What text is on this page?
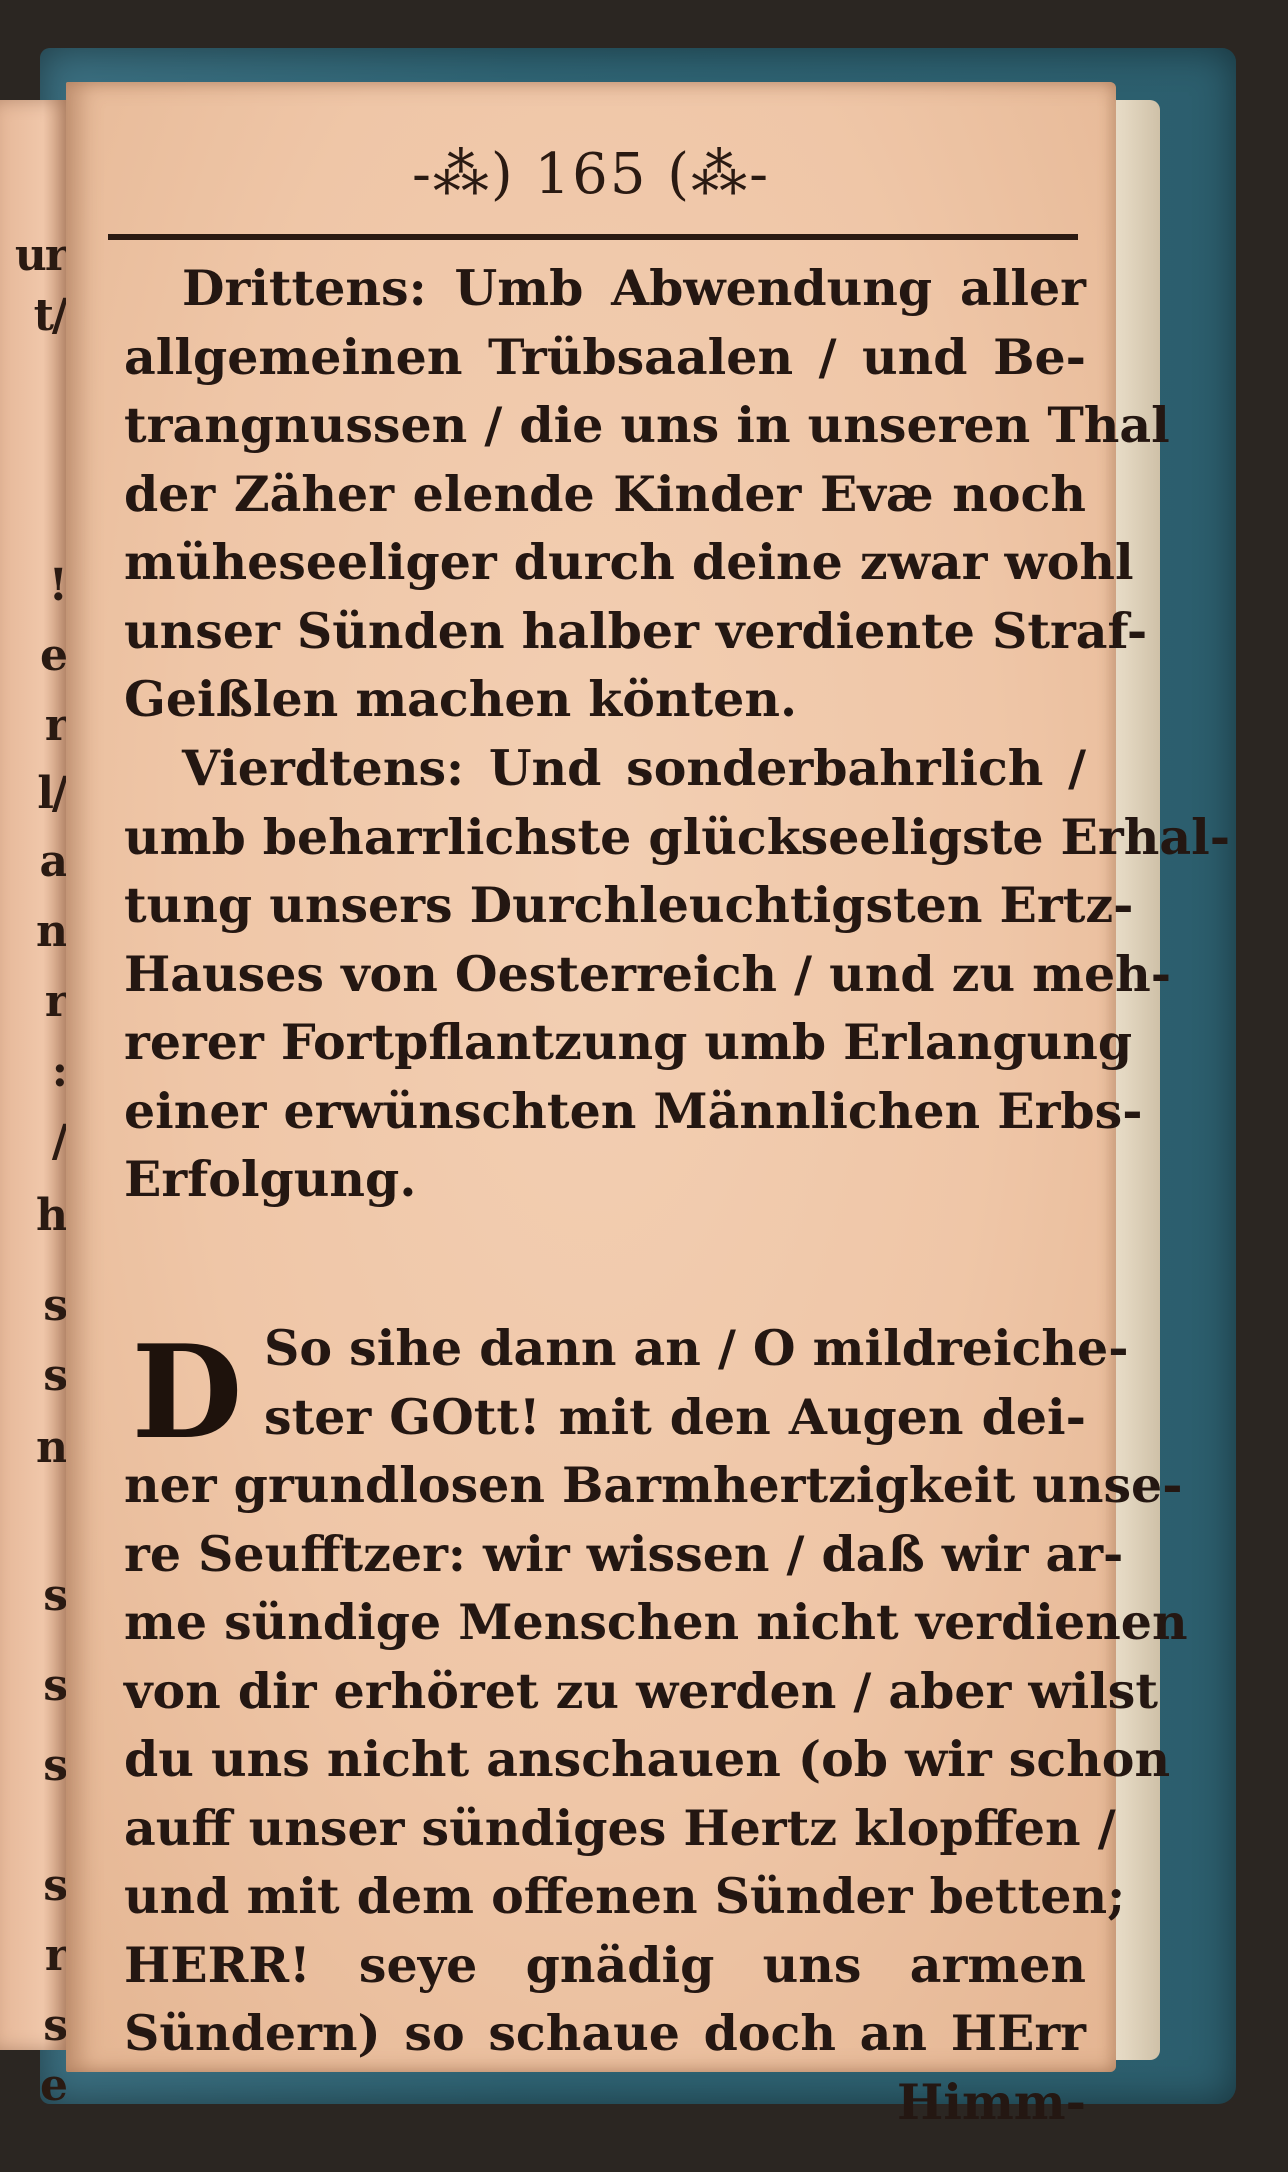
ur
t/
!
e
r
l/
a
n
r
:
/
h
s
s
n
s
s
s
s
r
s
e
-⁂) 165 (⁂-
Drittens: Umb Abwendung aller
allgemeinen Trübsaalen / und Be-
trangnussen / die uns in unseren Thal
der Zäher elende Kinder Evæ noch
müheseeliger durch deine zwar wohl
unser Sünden halber verdiente Straf-
Geißlen machen könten.
Vierdtens: Und sonderbahrlich /
umb beharrlichste glückseeligste Erhal-
tung unsers Durchleuchtigsten Ertz-
Hauses von Oesterreich / und zu meh-
rerer Fortpflantzung umb Erlangung
einer erwünschten Männlichen Erbs-
Erfolgung.
D So sihe dann an / O mildreiche-
ster GOtt! mit den Augen dei-
ner grundlosen Barmhertzigkeit unse-
re Seufftzer: wir wissen / daß wir ar-
me sündige Menschen nicht verdienen
von dir erhöret zu werden / aber wilst
du uns nicht anschauen (ob wir schon
auff unser sündiges Hertz klopffen /
und mit dem offenen Sünder betten;
HERR! seye gnädig uns armen
Sündern) so schaue doch an HErr
Himm-
